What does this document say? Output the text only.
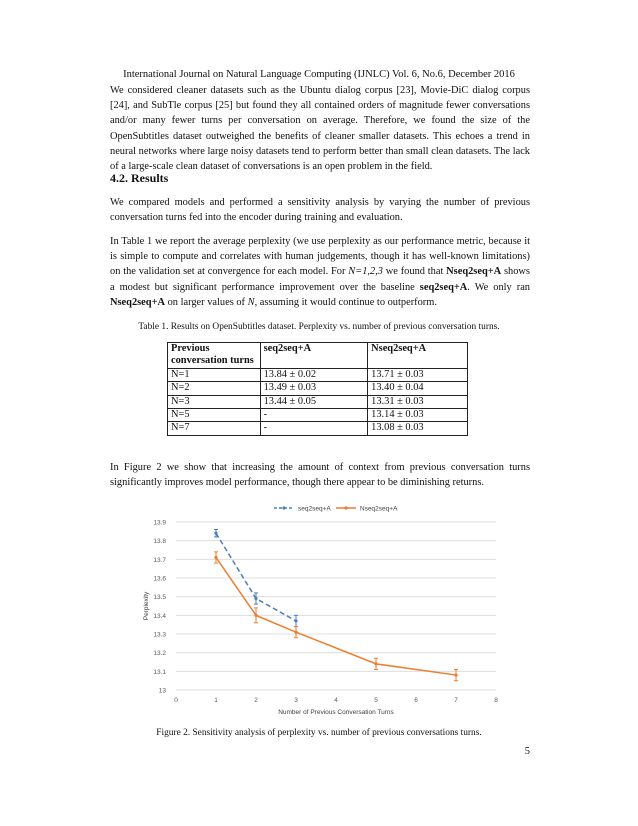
International Journal on Natural Language Computing (IJNLC) Vol. 6, No.6, December 2016

We considered cleaner datasets such as the Ubuntu dialog corpus [23], Movie-DiC dialog corpus [24], and SubTle corpus [25] but found they all contained orders of magnitude fewer conversations and/or many fewer turns per conversation on average. Therefore, we found the size of the OpenSubtitles dataset outweighed the benefits of cleaner smaller datasets. This echoes a trend in neural networks where large noisy datasets tend to perform better than small clean datasets. The lack of a large-scale clean dataset of conversations is an open problem in the field.

4.2. Results

We compared models and performed a sensitivity analysis by varying the number of previous conversation turns fed into the encoder during training and evaluation.

In Table 1 we report the average perplexity (we use perplexity as our performance metric, because it is simple to compute and correlates with human judgements, though it has well-known limitations) on the validation set at convergence for each model. For N=1,2,3 we found that Nseq2seq+A shows a modest but significant performance improvement over the baseline seq2seq+A. We only ran Nseq2seq+A on larger values of N, assuming it would continue to outperform.

Table 1. Results on OpenSubtitles dataset. Perplexity vs. number of previous conversation turns.

Previous conversation turns	seq2seq+A	Nseq2seq+A
N=1	13.84 ± 0.02	13.71 ± 0.03
N=2	13.49 ± 0.03	13.40 ± 0.04
N=3	13.44 ± 0.05	13.31 ± 0.03
N=5	-	13.14 ± 0.03
N=7	-	13.08 ± 0.03

In Figure 2 we show that increasing the amount of context from previous conversation turns significantly improves model performance, though there appear to be diminishing returns.

13
13.1
13.2
13.3
13.4
13.5
13.6
13.7
13.8
13.9
0	1	2	3	4	5	6	7	8
Number of Previous Conversation Turns
Perplexity
seq2seq+A	Nseq2seq+A

Figure 2. Sensitivity analysis of perplexity vs. number of previous conversations turns.

5
